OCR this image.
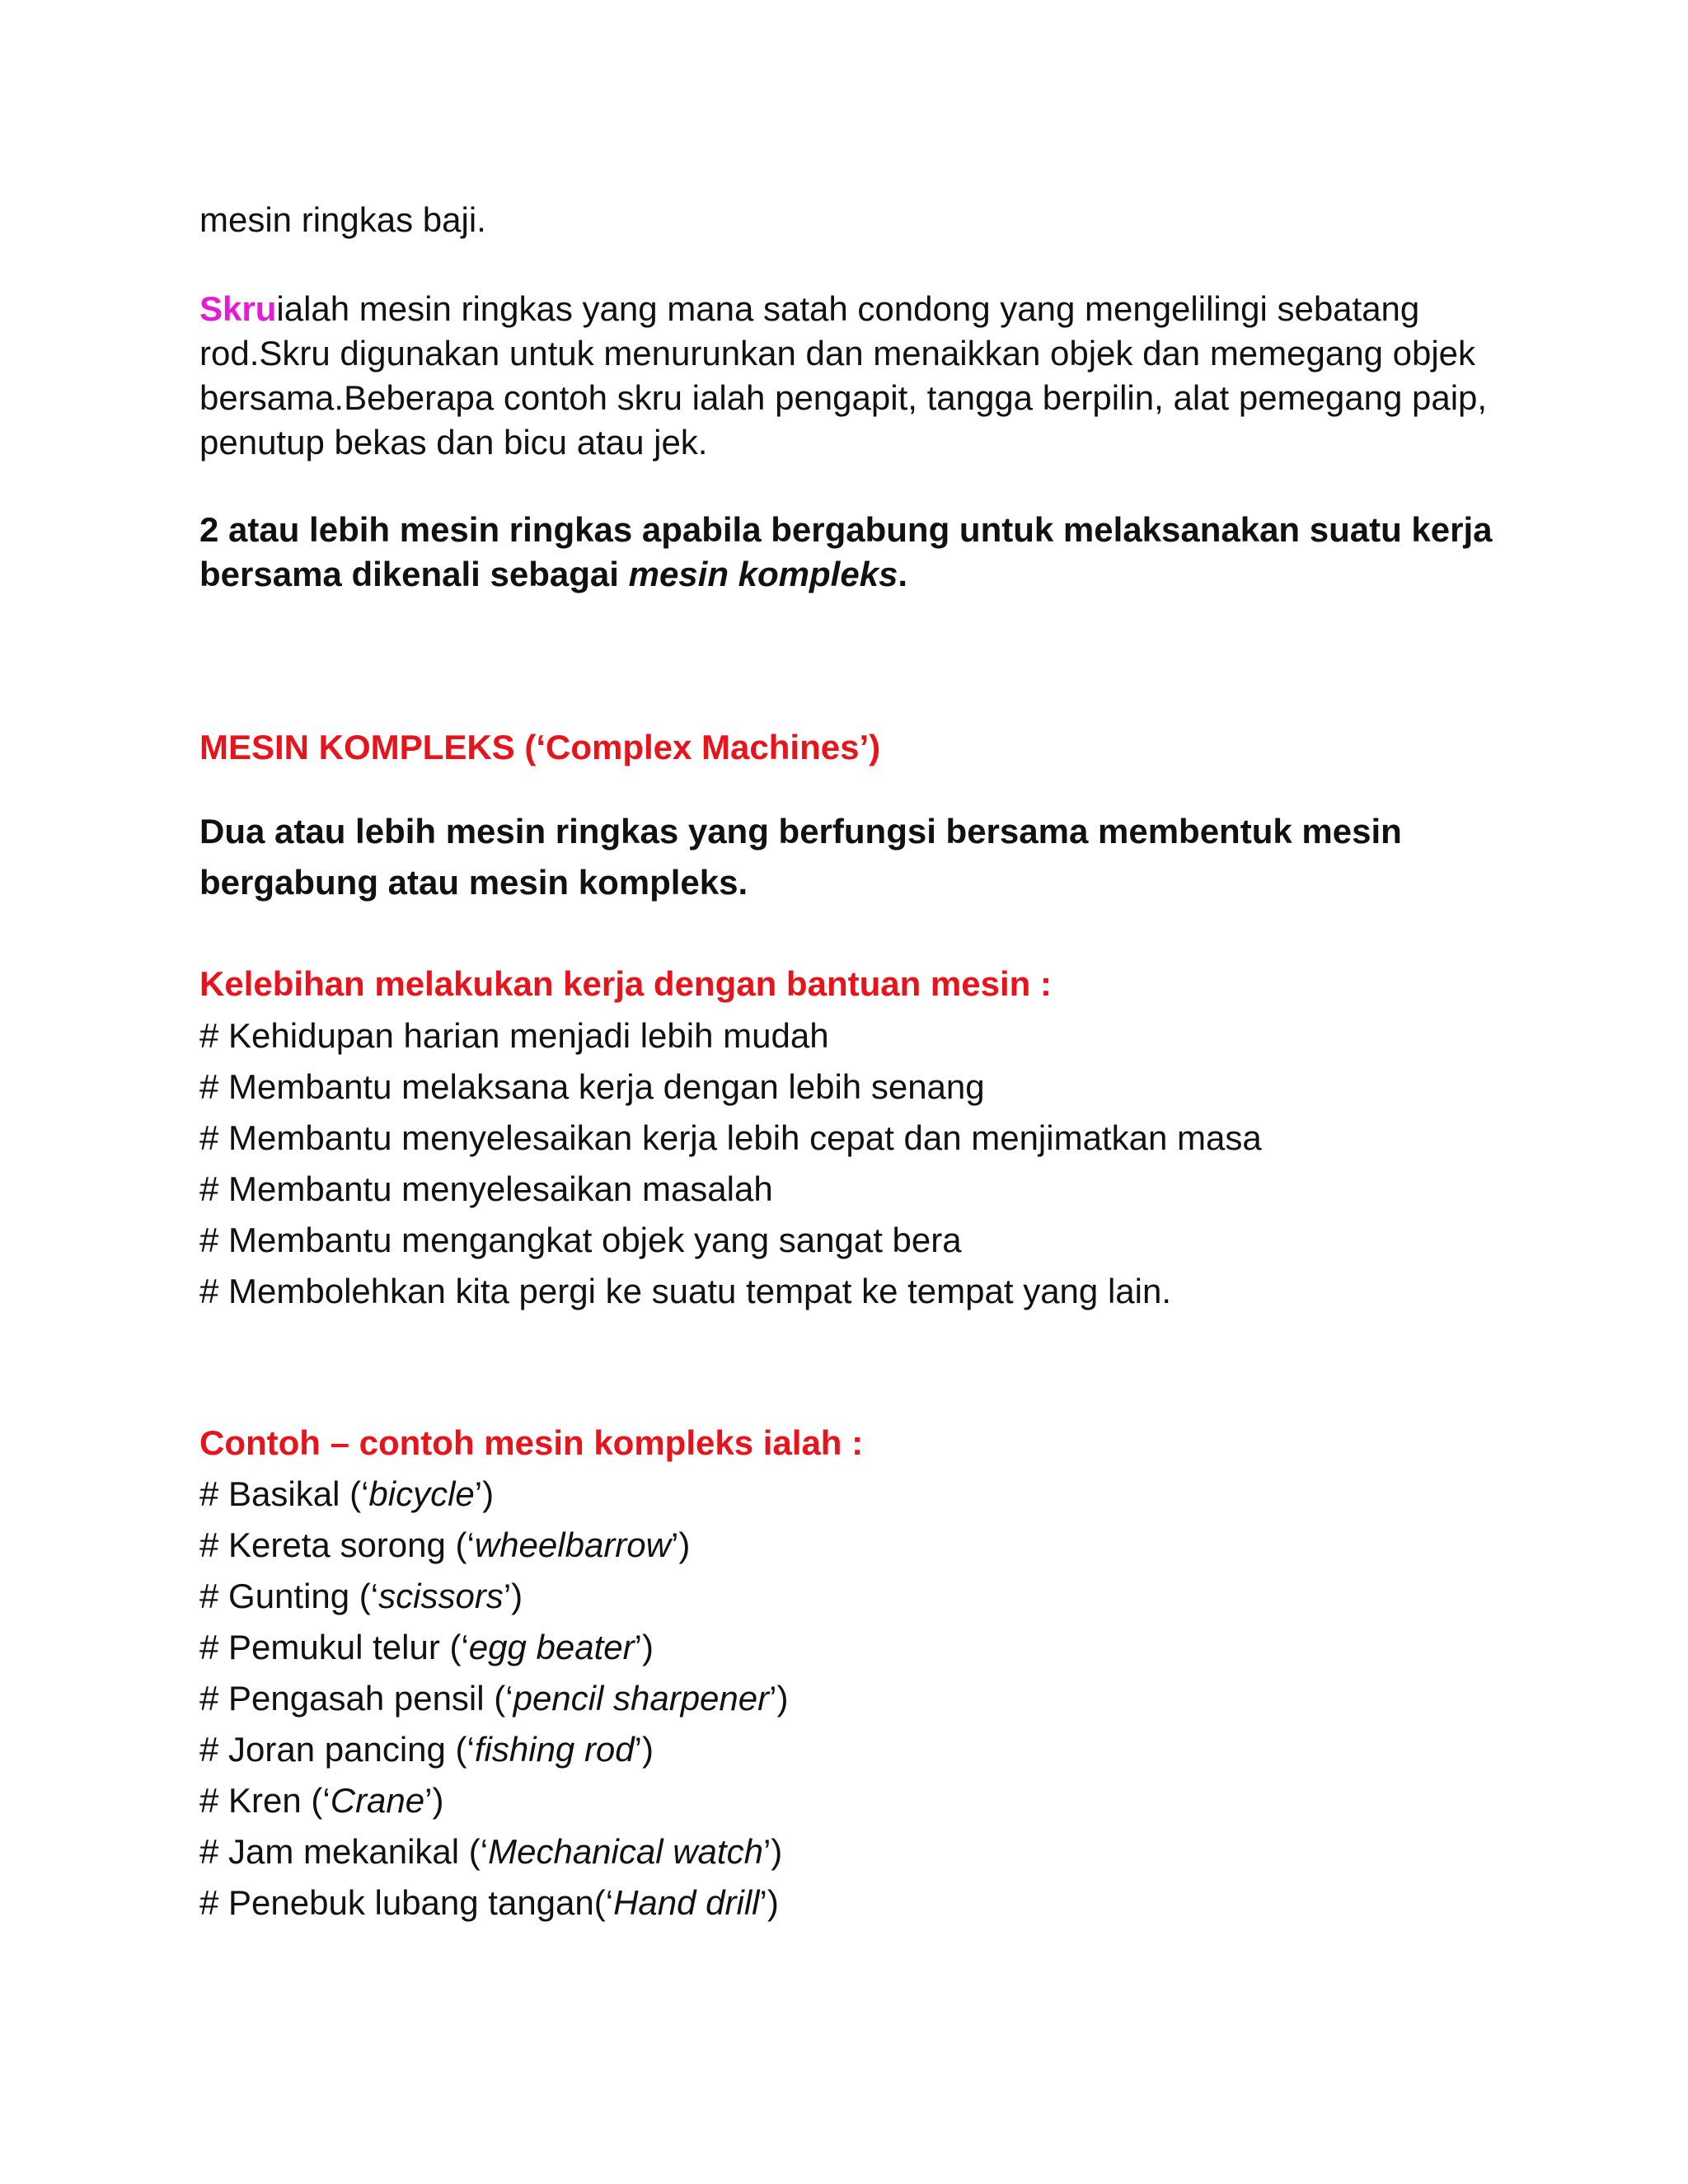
mesin ringkas baji.

Skruialah mesin ringkas yang mana satah condong yang mengelilingi sebatang rod.Skru digunakan untuk menurunkan dan menaikkan objek dan memegang objek bersama.Beberapa contoh skru ialah pengapit, tangga berpilin, alat pemegang paip, penutup bekas dan bicu atau jek.

2 atau lebih mesin ringkas apabila bergabung untuk melaksanakan suatu kerja bersama dikenali sebagai mesin kompleks.

MESIN KOMPLEKS (‘Complex Machines’)

Dua atau lebih mesin ringkas yang berfungsi bersama membentuk mesin bergabung atau mesin kompleks.

Kelebihan melakukan kerja dengan bantuan mesin :
# Kehidupan harian menjadi lebih mudah
# Membantu melaksana kerja dengan lebih senang
# Membantu menyelesaikan kerja lebih cepat dan menjimatkan masa
# Membantu menyelesaikan masalah
# Membantu mengangkat objek yang sangat bera
# Membolehkan kita pergi ke suatu tempat ke tempat yang lain.
Contoh – contoh mesin kompleks ialah :
# Basikal (‘bicycle’)
# Kereta sorong (‘wheelbarrow’)
# Gunting (‘scissors’)
# Pemukul telur (‘egg beater’)
# Pengasah pensil (‘pencil sharpener’)
# Joran pancing (‘fishing rod’)
# Kren (‘Crane’)
# Jam mekanikal (‘Mechanical watch’)
# Penebuk lubang tangan(‘Hand drill’)
